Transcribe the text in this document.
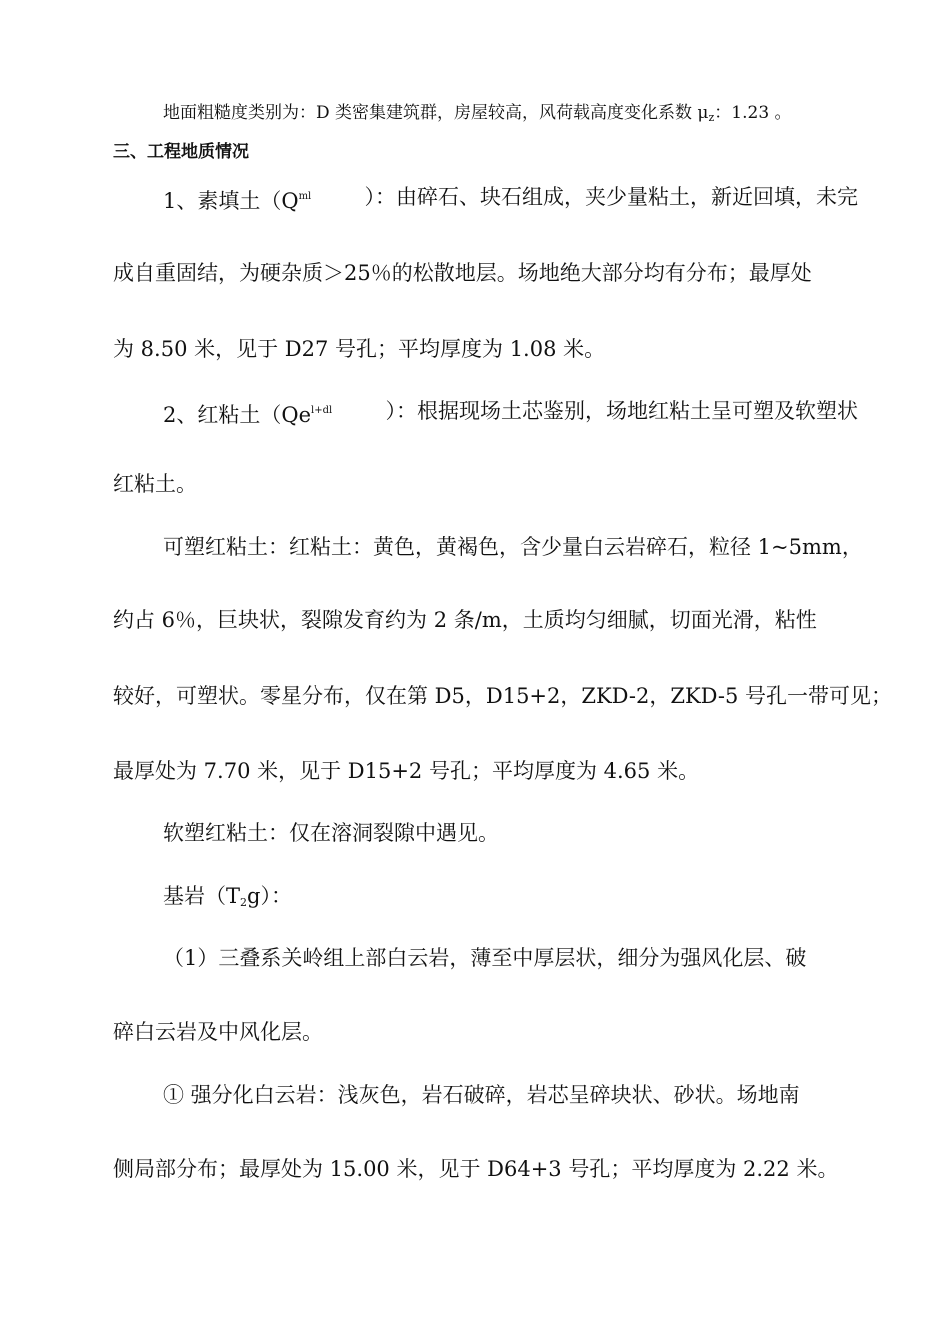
地面粗糙度类别为：D 类密集建筑群，房屋较高，风荷载高度变化系数 $\mu_z$：1.23 。
三、工程地质情况
1、素填土（$Q^{ml}$	）：由碎石、块石组成，夹少量粘土，新近回填，未完
成自重固结，为硬杂质＞25％的松散地层。场地绝大部分均有分布；最厚处
为 8.50 米，见于 D27 号孔；平均厚度为 1.08 米。
2、红粘土（$Qe^{l+dl}$	）：根据现场土芯鉴别，场地红粘土呈可塑及软塑状
红粘土。
可塑红粘土：红粘土：黄色，黄褐色，含少量白云岩碎石，粒径 1~5mm，
约占 6％，巨块状，裂隙发育约为 2 条/m，土质均匀细腻，切面光滑，粘性
较好，可塑状。零星分布，仅在第 D5，D15+2，ZKD-2，ZKD-5 号孔一带可见；
最厚处为 7.70 米，见于 D15+2 号孔；平均厚度为 4.65 米。
软塑红粘土：仅在溶洞裂隙中遇见。
基岩$(T_2g)$：
（1）三叠系关岭组上部白云岩，薄至中厚层状，细分为强风化层、破
碎白云岩及中风化层。
① 强分化白云岩：浅灰色，岩石破碎，岩芯呈碎块状、砂状。场地南
侧局部分布；最厚处为 15.00 米，见于 D64+3 号孔；平均厚度为 2.22 米。
